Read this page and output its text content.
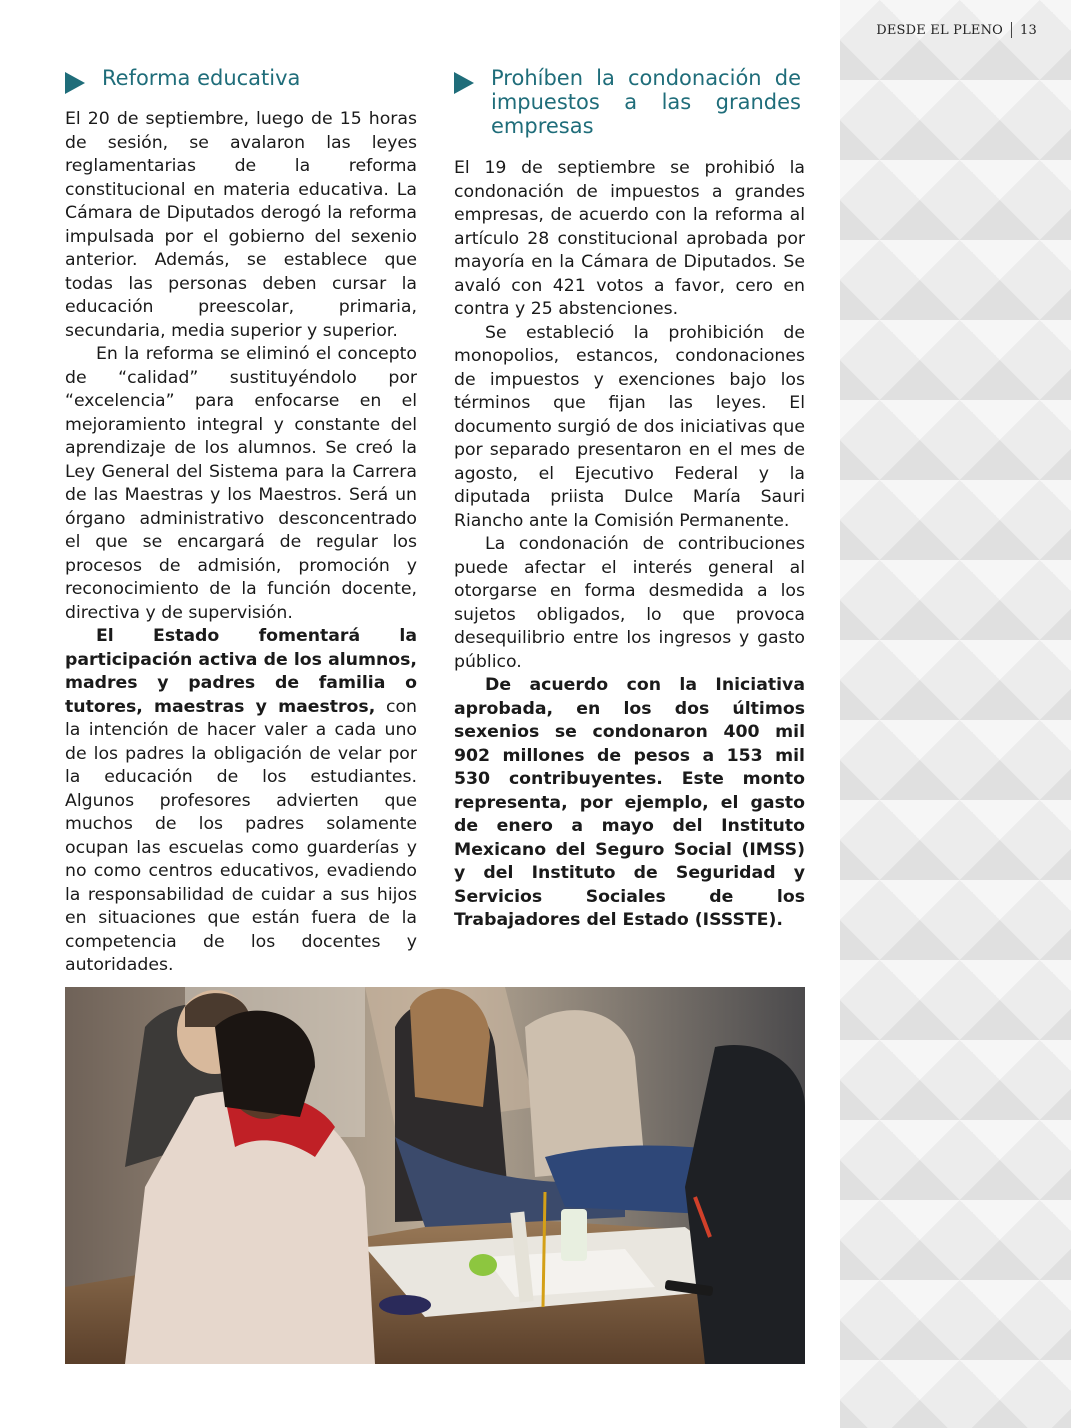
DESDE EL PLENO 13
Reforma educativa

El 20 de septiembre, luego de 15 horas de sesión, se avalaron las leyes reglamentarias de la reforma constitucional en materia educativa. La Cámara de Diputados derogó la reforma impulsada por el gobierno del sexenio anterior. Además, se establece que todas las personas deben cursar la educación preescolar, primaria, secundaria, media superior y superior.

En la reforma se eliminó el concepto de “calidad” sustituyéndolo por “excelencia” para enfocarse en el mejoramiento integral y constante del aprendizaje de los alumnos. Se creó la Ley General del Sistema para la Carrera de las Maestras y los Maestros. Será un órgano administrativo desconcentrado el que se encargará de regular los procesos de admisión, promoción y reconocimiento de la función docente, directiva y de supervisión.

El Estado fomentará la participación activa de los alumnos, madres y padres de familia o tutores, maestras y maestros, con la intención de hacer valer a cada uno de los padres la obligación de velar por la educación de los estudiantes. Algunos profesores advierten que muchos de los padres solamente ocupan las escuelas como guarderías y no como centros educativos, evadiendo la responsabilidad de cuidar a sus hijos en situaciones que están fuera de la competencia de los docentes y autoridades.

Prohíben la condonación de impuestos a las grandes empresas

El 19 de septiembre se prohibió la condonación de impuestos a grandes empresas, de acuerdo con la reforma al artículo 28 constitucional aprobada por mayoría en la Cámara de Diputados. Se avaló con 421 votos a favor, cero en contra y 25 abstenciones.

Se estableció la prohibición de monopolios, estancos, condonaciones de impuestos y exenciones bajo los términos que fijan las leyes. El documento surgió de dos iniciativas que por separado presentaron en el mes de agosto, el Ejecutivo Federal y la diputada priista Dulce María Sauri Riancho ante la Comisión Permanente.

La condonación de contribuciones puede afectar el interés general al otorgarse en forma desmedida a los sujetos obligados, lo que provoca desequilibrio entre los ingresos y gasto público.

De acuerdo con la Iniciativa aprobada, en los dos últimos sexenios se condonaron 400 mil 902 millones de pesos a 153 mil 530 contribuyentes. Este monto representa, por ejemplo, el gasto de enero a mayo del Instituto Mexicano del Seguro Social (IMSS) y del Instituto de Seguridad y Servicios Sociales de los Trabajadores del Estado (ISSSTE).
